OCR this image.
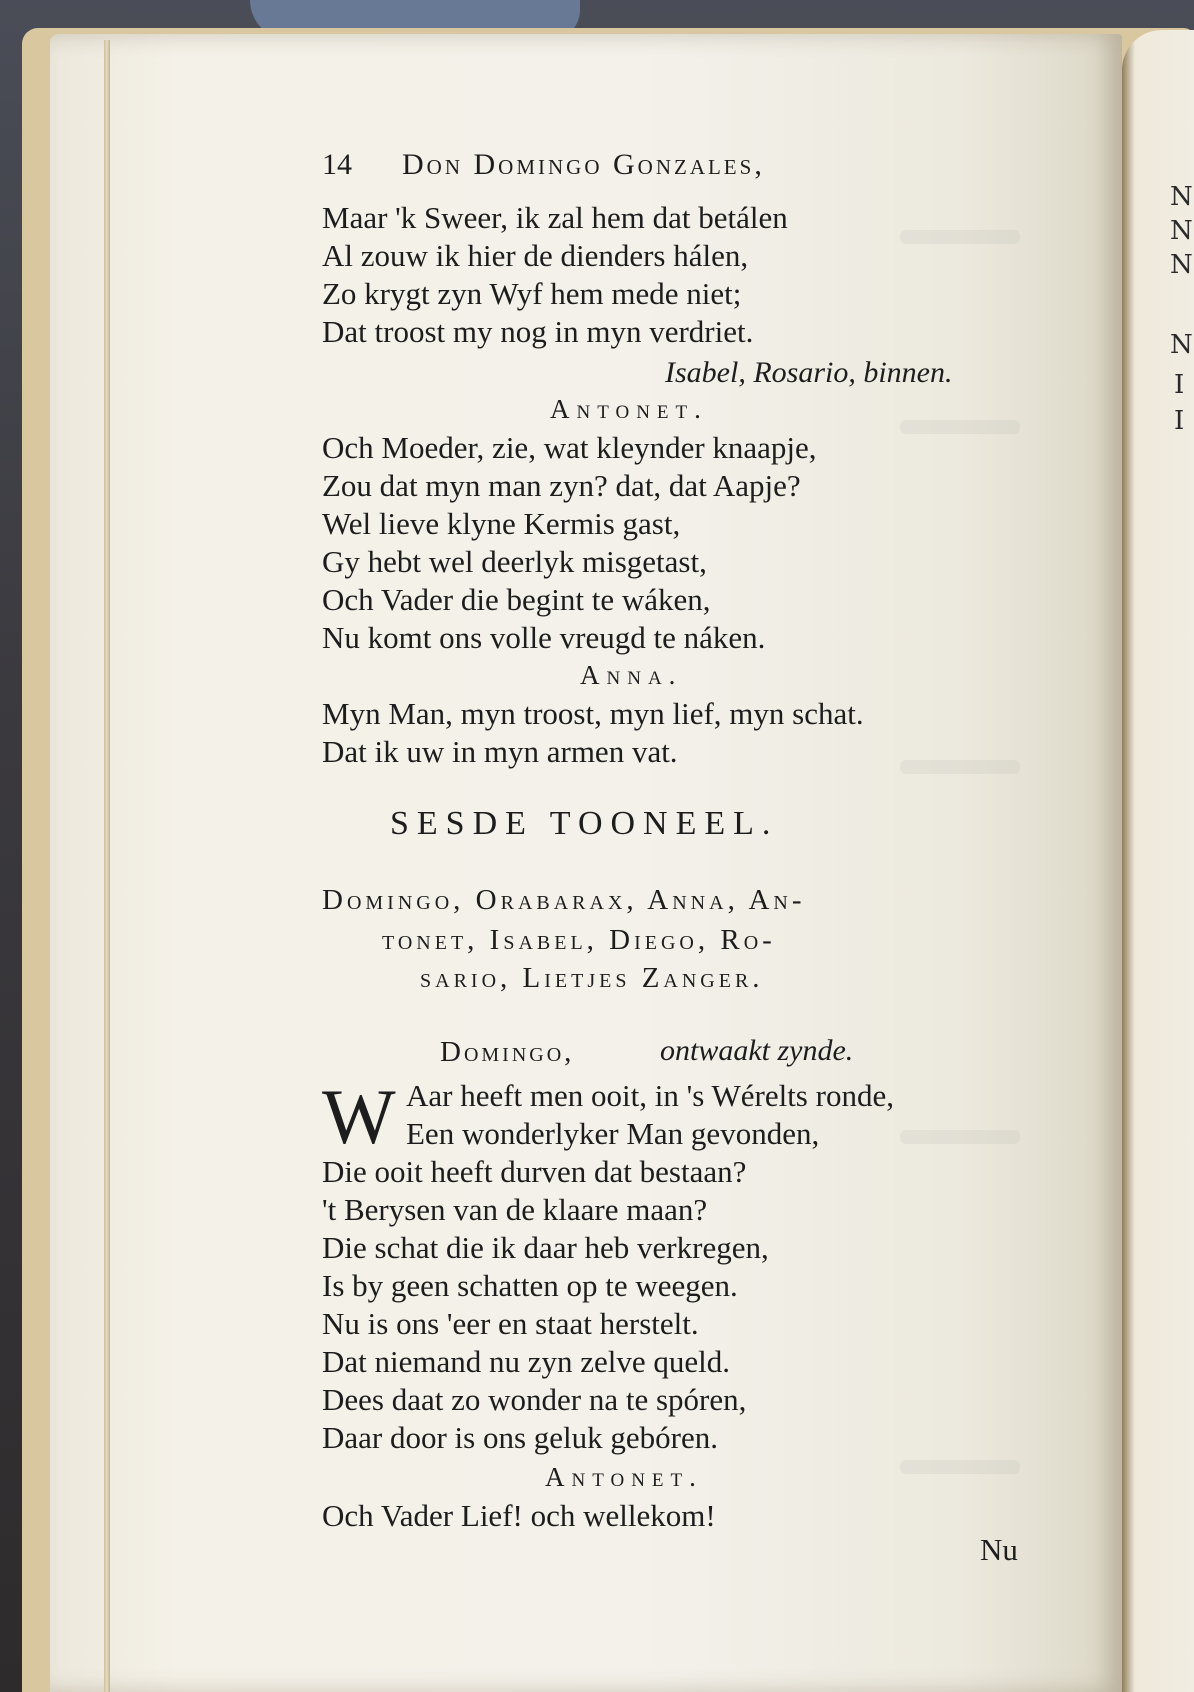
N
N
N
N
I
I
14 Don Domingo Gonzales,
Maar 'k Sweer, ik zal hem dat betálen
Al zouw ik hier de dienders hálen,
Zo krygt zyn Wyf hem mede niet;
Dat troost my nog in myn verdriet.
Isabel, Rosario, binnen.
Antonet.
Och Moeder, zie, wat kleynder knaapje,
Zou dat myn man zyn? dat, dat Aapje?
Wel lieve klyne Kermis gast,
Gy hebt wel deerlyk misgetast,
Och Vader die begint te wáken,
Nu komt ons volle vreugd te náken.
Anna.
Myn Man, myn troost, myn lief, myn schat.
Dat ik uw in myn armen vat.
SESDE TOONEEL.
Domingo, Orabarax, Anna, An-
tonet, Isabel, Diego, Ro-
sario, Lietjes Zanger.
Domingo,	ontwaakt zynde.
W Aar heeft men ooit, in 's Wérelts ronde,
Een wonderlyker Man gevonden,
Die ooit heeft durven dat bestaan?
't Berysen van de klaare maan?
Die schat die ik daar heb verkregen,
Is by geen schatten op te weegen.
Nu is ons 'eer en staat herstelt.
Dat niemand nu zyn zelve queld.
Dees daat zo wonder na te spóren,
Daar door is ons geluk gebóren.
Antonet.
Och Vader Lief! och wellekom!
Nu
